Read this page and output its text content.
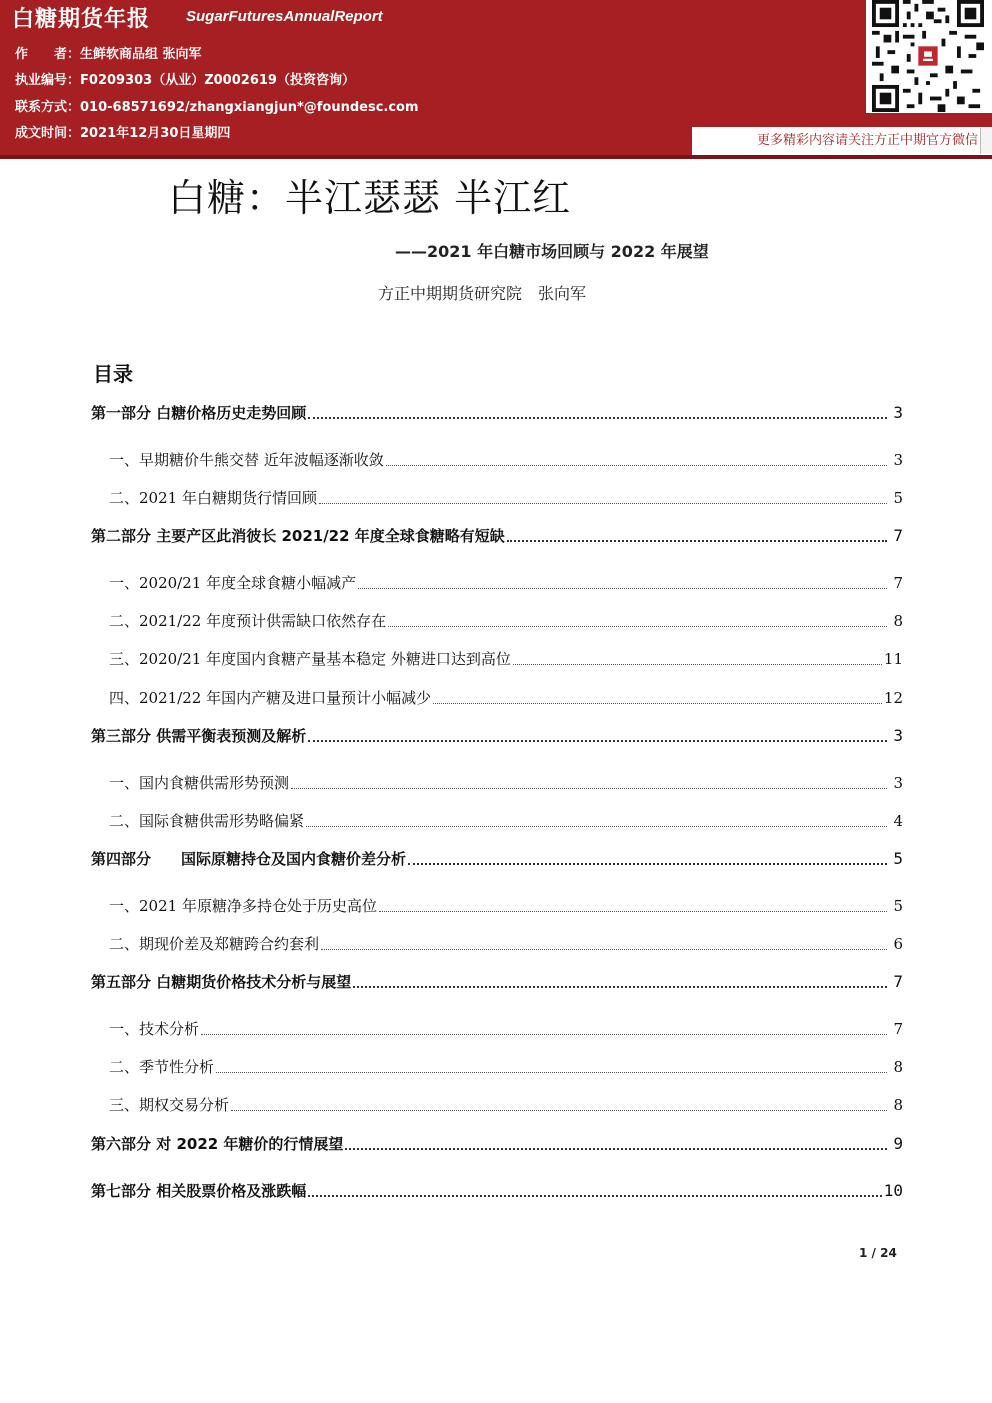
白糖期货年报 SugarFuturesAnnualReport
作　　者：生鲜软商品组 张向军
执业编号：F0209303（从业）Z0002619（投资咨询）
联系方式：010-68571692/zhangxiangjun*@foundesc.com
成文时间：2021年12月30日星期四	更多精彩内容请关注方正中期官方微信
白糖：半江瑟瑟 半江红
——2021 年白糖市场回顾与 2022 年展望
方正中期期货研究院　张向军
目录
第一部分 白糖价格历史走势回顾	3
一、早期糖价牛熊交替 近年波幅逐渐收敛	3
二、2021 年白糖期货行情回顾	5
第二部分 主要产区此消彼长 2021/22 年度全球食糖略有短缺	7
一、2020/21 年度全球食糖小幅减产	7
二、2021/22 年度预计供需缺口依然存在	8
三、2020/21 年度国内食糖产量基本稳定 外糖进口达到高位	11
四、2021/22 年国内产糖及进口量预计小幅减少	12
第三部分 供需平衡表预测及解析	3
一、国内食糖供需形势预测	3
二、国际食糖供需形势略偏紧	4
第四部分　　国际原糖持仓及国内食糖价差分析	5
一、2021 年原糖净多持仓处于历史高位	5
二、期现价差及郑糖跨合约套利	6
第五部分 白糖期货价格技术分析与展望	7
一、技术分析	7
二、季节性分析	8
三、期权交易分析	8
第六部分 对 2022 年糖价的行情展望	9
第七部分 相关股票价格及涨跌幅	10
1 / 24
